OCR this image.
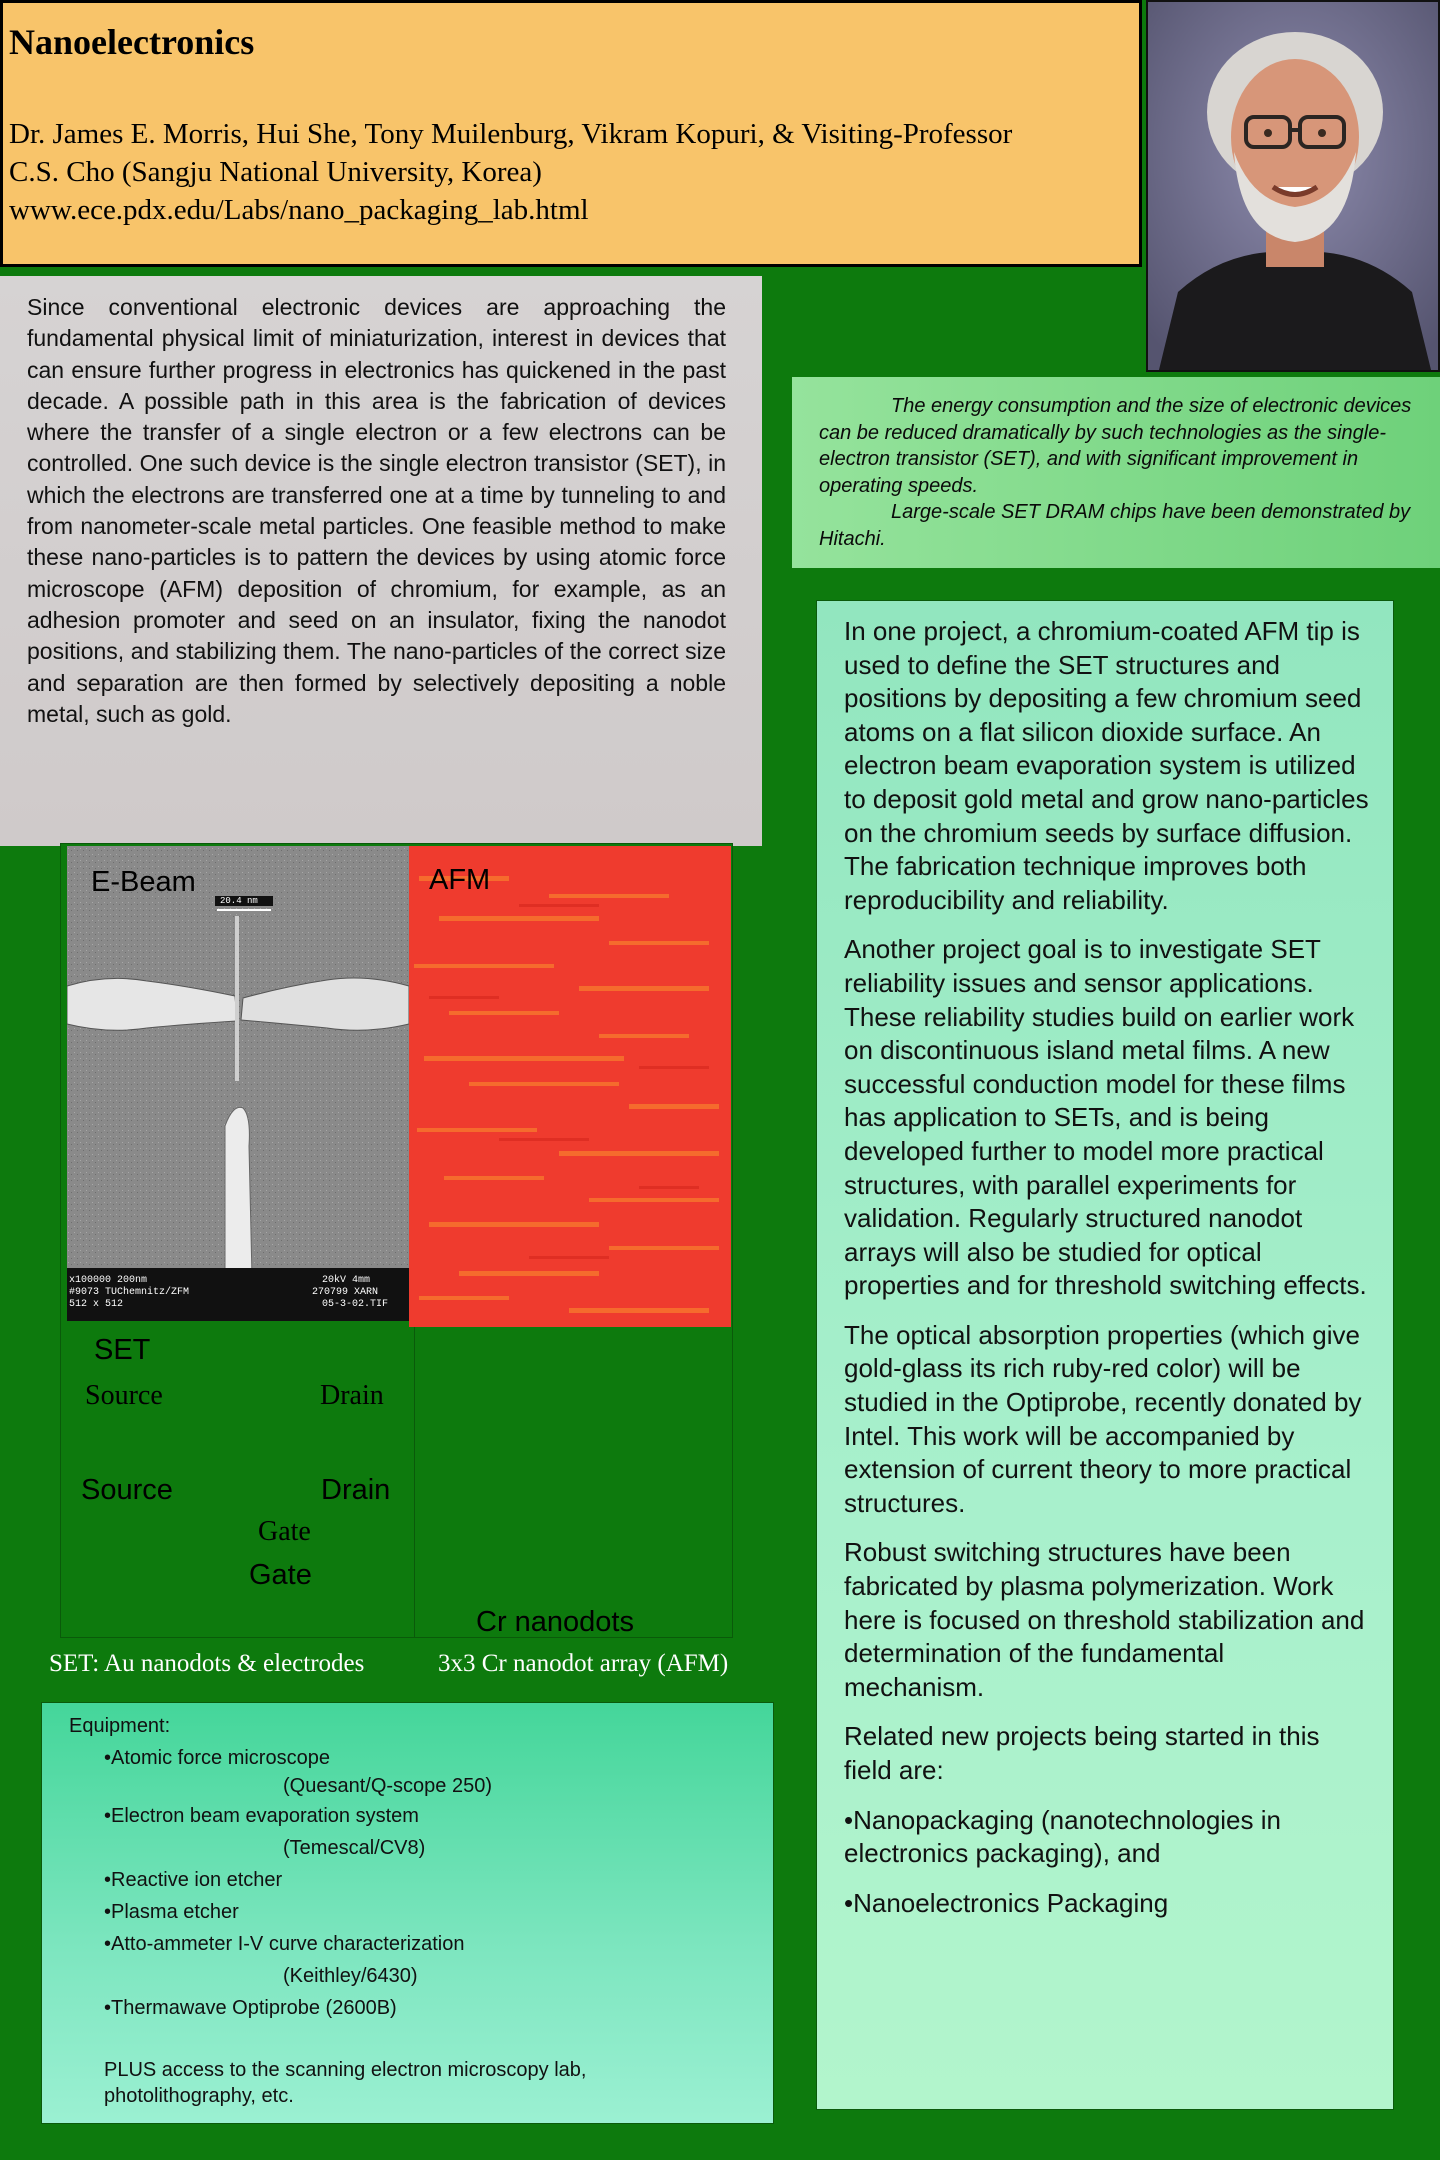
Nanoelectronics
Dr. James E. Morris, Hui She, Tony Muilenburg, Vikram Kopuri, & Visiting-Professor
C.S. Cho (Sangju National University, Korea)
www.ece.pdx.edu/Labs/nano_packaging_lab.html
Since conventional electronic devices are approaching the fundamental physical limit of miniaturization, interest in devices that can ensure further progress in electronics has quickened in the past decade. A possible path in this area is the fabrication of devices where the transfer of a single electron or a few electrons can be controlled. One such device is the single electron transistor (SET), in which the electrons are transferred one at a time by tunneling to and from nanometer-scale metal particles. One feasible method to make these nano-particles is to pattern the devices by using atomic force microscope (AFM) deposition of chromium, for example, as an adhesion promoter and seed on an insulator, fixing the nanodot positions, and stabilizing them. The nano-particles of the correct size and separation are then formed by selectively depositing a noble metal, such as gold.

The energy consumption and the size of electronic devices can be reduced dramatically by such technologies as the single-electron transistor (SET), and with significant improvement in operating speeds.

Large-scale SET DRAM chips have been demonstrated by Hitachi.

In one project, a chromium-coated AFM tip is used to define the SET structures and positions by depositing a few chromium seed atoms on a flat silicon dioxide surface. An electron beam evaporation system is utilized to deposit gold metal and grow nano-particles on the chromium seeds by surface diffusion. The fabrication technique improves both reproducibility and reliability.

Another project goal is to investigate SET reliability issues and sensor applications. These reliability studies build on earlier work on discontinuous island metal films. A new successful conduction model for these films has application to SETs, and is being developed further to model more practical structures, with parallel experiments for validation. Regularly structured nanodot arrays will also be studied for optical properties and for threshold switching effects.

The optical absorption properties (which give gold-glass its rich ruby-red color) will be studied in the Optiprobe, recently donated by Intel. This work will be accompanied by extension of current theory to more practical structures.

Robust switching structures have been fabricated by plasma polymerization. Work here is focused on threshold stabilization and determination of the fundamental mechanism.

Related new projects being started in this field are:

•Nanopackaging (nanotechnologies in electronics packaging), and

•Nanoelectronics Packaging

x100000 200nm
#9073 TUChemnitz/ZFM
512 x 512
20kV 4mm
270799 XARN
05-3-02.TIF
20.4 nm
E-Beam	AFM
SET
Source	Drain
Source	Drain
Gate
Gate
Cr nanodots
SET: Au nanodots & electrodes	3x3 Cr nanodot array (AFM)
Equipment:
•Atomic force microscope
(Quesant/Q-scope 250)
•Electron beam evaporation system
(Temescal/CV8)
•Reactive ion etcher
•Plasma etcher
•Atto-ammeter I-V curve characterization
(Keithley/6430)
•Thermawave Optiprobe (2600B)
PLUS access to the scanning electron microscopy lab,
photolithography, etc.
